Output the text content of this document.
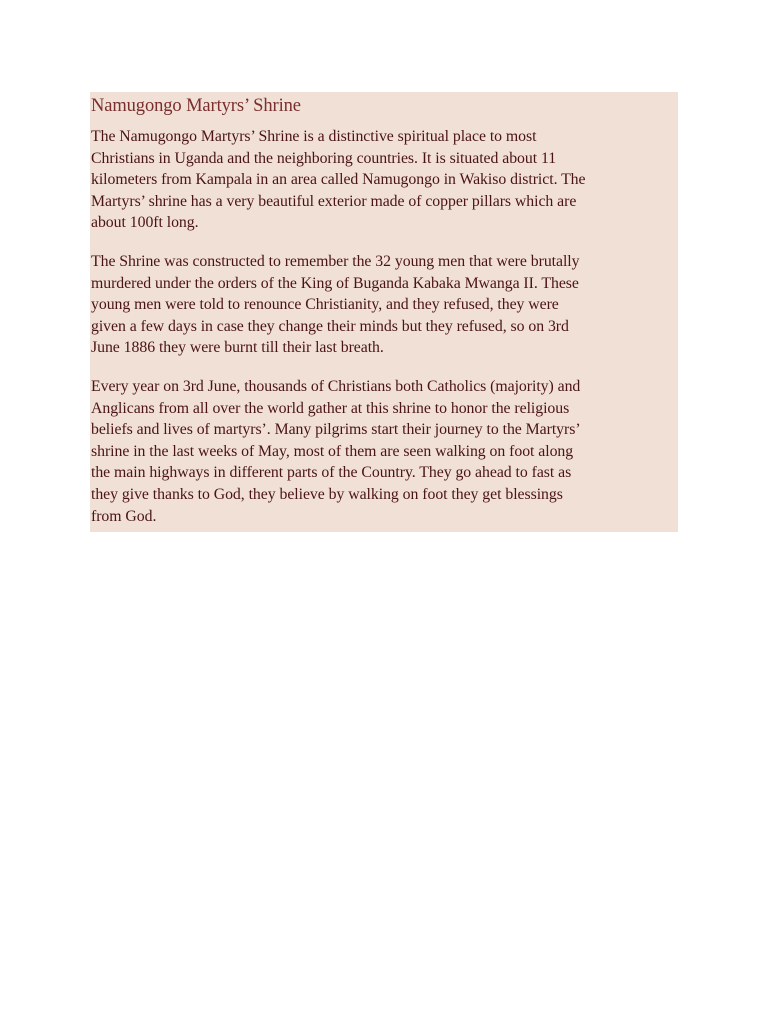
Namugongo Martyrs’ Shrine

The Namugongo Martyrs’ Shrine is a distinctive spiritual place to most
Christians in Uganda and the neighboring countries. It is situated about 11
kilometers from Kampala in an area called Namugongo in Wakiso district. The
Martyrs’ shrine has a very beautiful exterior made of copper pillars which are
about 100ft long.

The Shrine was constructed to remember the 32 young men that were brutally
murdered under the orders of the King of Buganda Kabaka Mwanga II. These
young men were told to renounce Christianity, and they refused, they were
given a few days in case they change their minds but they refused, so on 3rd
June 1886 they were burnt till their last breath.

Every year on 3rd June, thousands of Christians both Catholics (majority) and
Anglicans from all over the world gather at this shrine to honor the religious
beliefs and lives of martyrs’. Many pilgrims start their journey to the Martyrs’
shrine in the last weeks of May, most of them are seen walking on foot along
the main highways in different parts of the Country. They go ahead to fast as
they give thanks to God, they believe by walking on foot they get blessings
from God.
